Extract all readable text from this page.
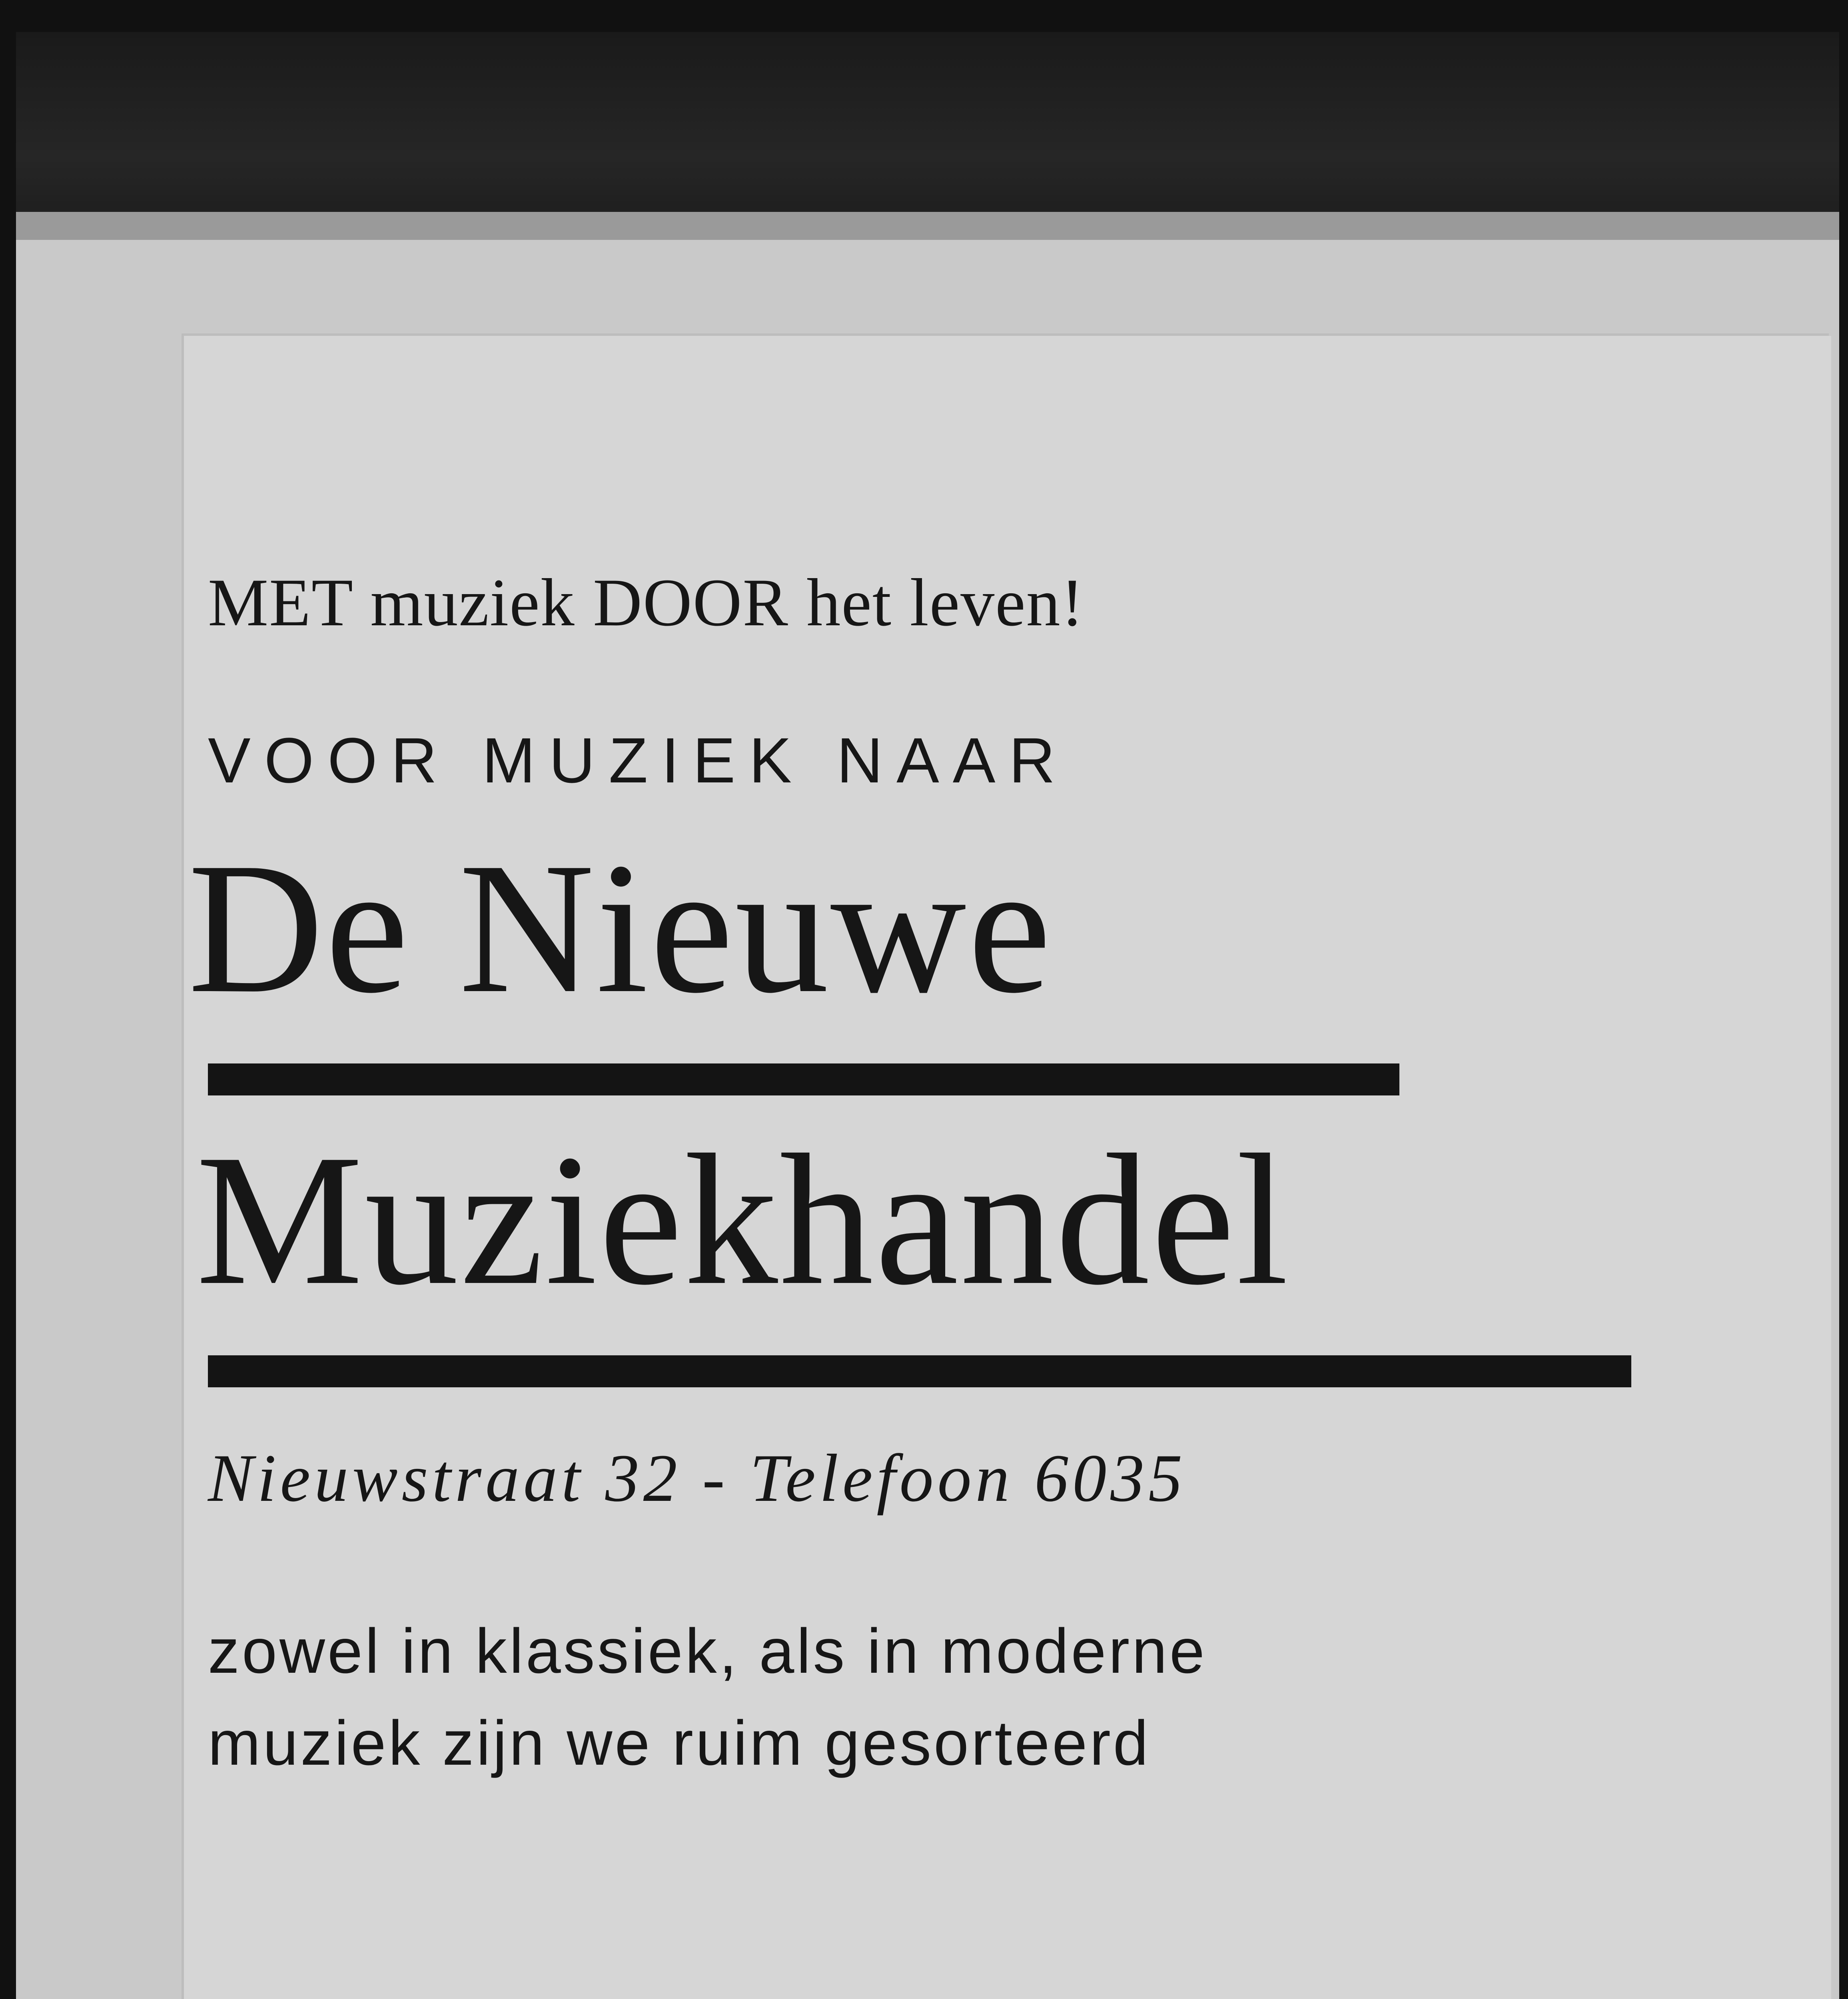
MET muziek DOOR het leven!
VOOR MUZIEK NAAR
De Nieuwe
Muziekhandel
Nieuwstraat 32 - Telefoon 6035
zowel in klassiek, als in moderne
muziek zijn we ruim gesorteerd
